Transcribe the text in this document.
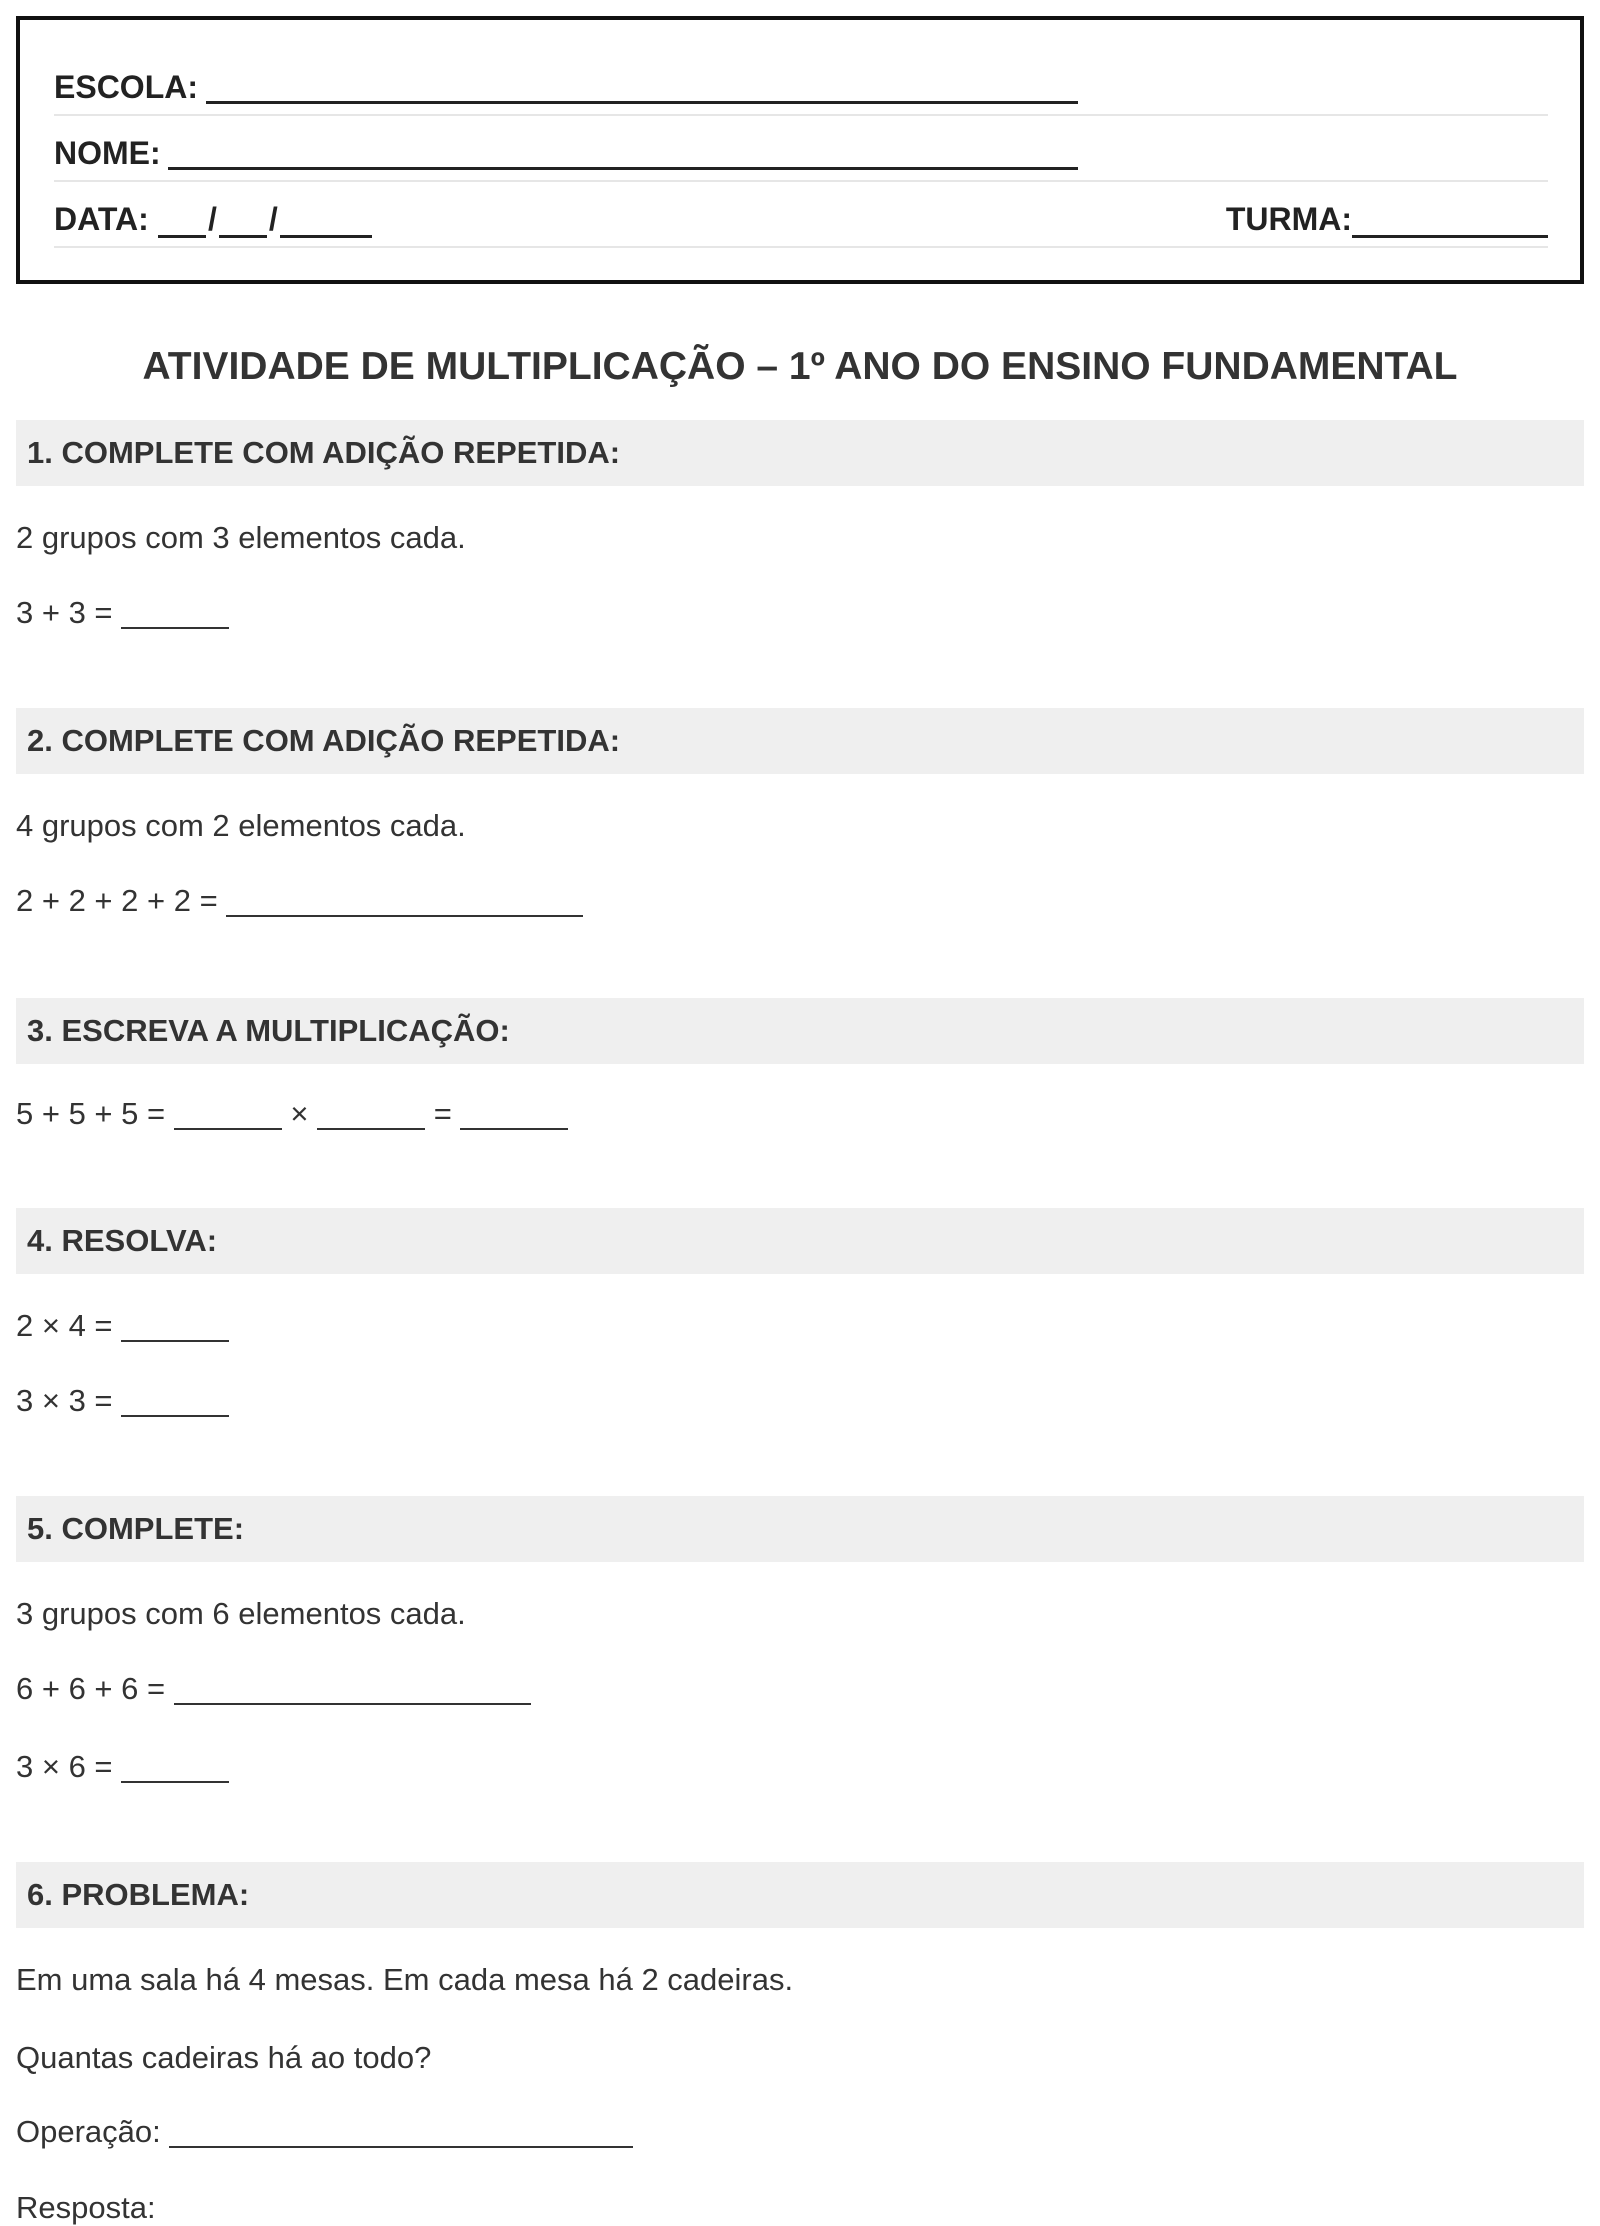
ESCOLA:
NOME:
DATA:	/ /	TURMA:
ATIVIDADE DE MULTIPLICAÇÃO – 1º ANO DO ENSINO FUNDAMENTAL
1. COMPLETE COM ADIÇÃO REPETIDA:
2 grupos com 3 elementos cada.
3 + 3 =
2. COMPLETE COM ADIÇÃO REPETIDA:
4 grupos com 2 elementos cada.
2 + 2 + 2 + 2 =
3. ESCREVA A MULTIPLICAÇÃO:
5 + 5 + 5 =	×	=
4. RESOLVA:
2 × 4 =
3 × 3 =
5. COMPLETE:
3 grupos com 6 elementos cada.
6 + 6 + 6 =
3 × 6 =
6. PROBLEMA:
Em uma sala há 4 mesas. Em cada mesa há 2 cadeiras.
Quantas cadeiras há ao todo?
Operação:
Resposta:
